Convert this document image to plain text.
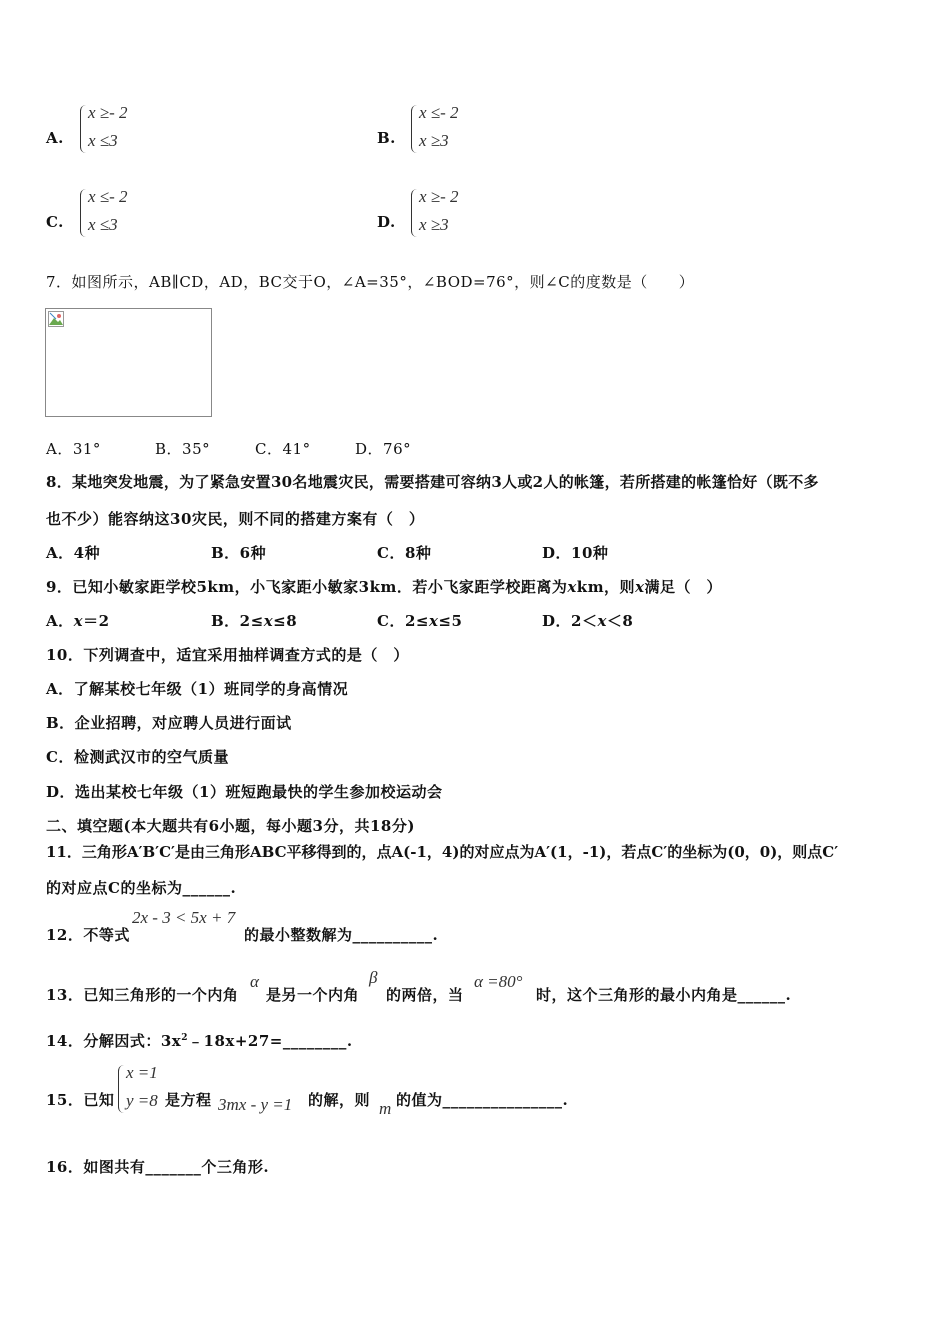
A.
x ≥- 2
x ≤3	B.
x ≤- 2
x ≥3
C.
x ≤- 2
x ≤3	D.
x ≥- 2
x ≥3
7．如图所示，AB∥CD，AD，BC交于O，∠A=35°，∠BOD=76°，则∠C的度数是（　　）
A．31°	B．35°	C．41°	D．76°
8．某地突发地震，为了紧急安置30名地震灾民，需要搭建可容纳3人或2人的帐篷，若所搭建的帐篷恰好（既不多
也不少）能容纳这30灾民，则不同的搭建方案有（　）
A．4种	B．6种	C．8种	D．10种
9．已知小敏家距学校5km，小飞家距小敏家3km．若小飞家距学校距离为xkm，则x满足（　）
A．x＝2	B．2≤x≤8	C．2≤x≤5	D．2＜x＜8
10．下列调查中，适宜采用抽样调查方式的是（　）
A．了解某校七年级（1）班同学的身高情况
B．企业招聘，对应聘人员进行面试
C．检测武汉市的空气质量
D．选出某校七年级（1）班短跑最快的学生参加校运动会
二、填空题(本大题共有6小题，每小题3分，共18分)
11．三角形A′B′C′是由三角形ABC平移得到的，点A(-1，4)的对应点为A′(1，-1)，若点C′的坐标为(0，0)，则点C′
的对应点C的坐标为______.
12．不等式
2x - 3 < 5x + 7
的最小整数解为__________.
13．已知三角形的一个内角
α
是另一个内角
β
的两倍，当
α =80°
时，这个三角形的最小内角是______.
14．分解因式：$3x^2﹣18x+27=\_\_\_\_\_\_\_\_$.
15．已知
x =1
y =8 是方程 3mx - y =1 的解，则 m 的值为_______________.
16．如图共有_______个三角形.
